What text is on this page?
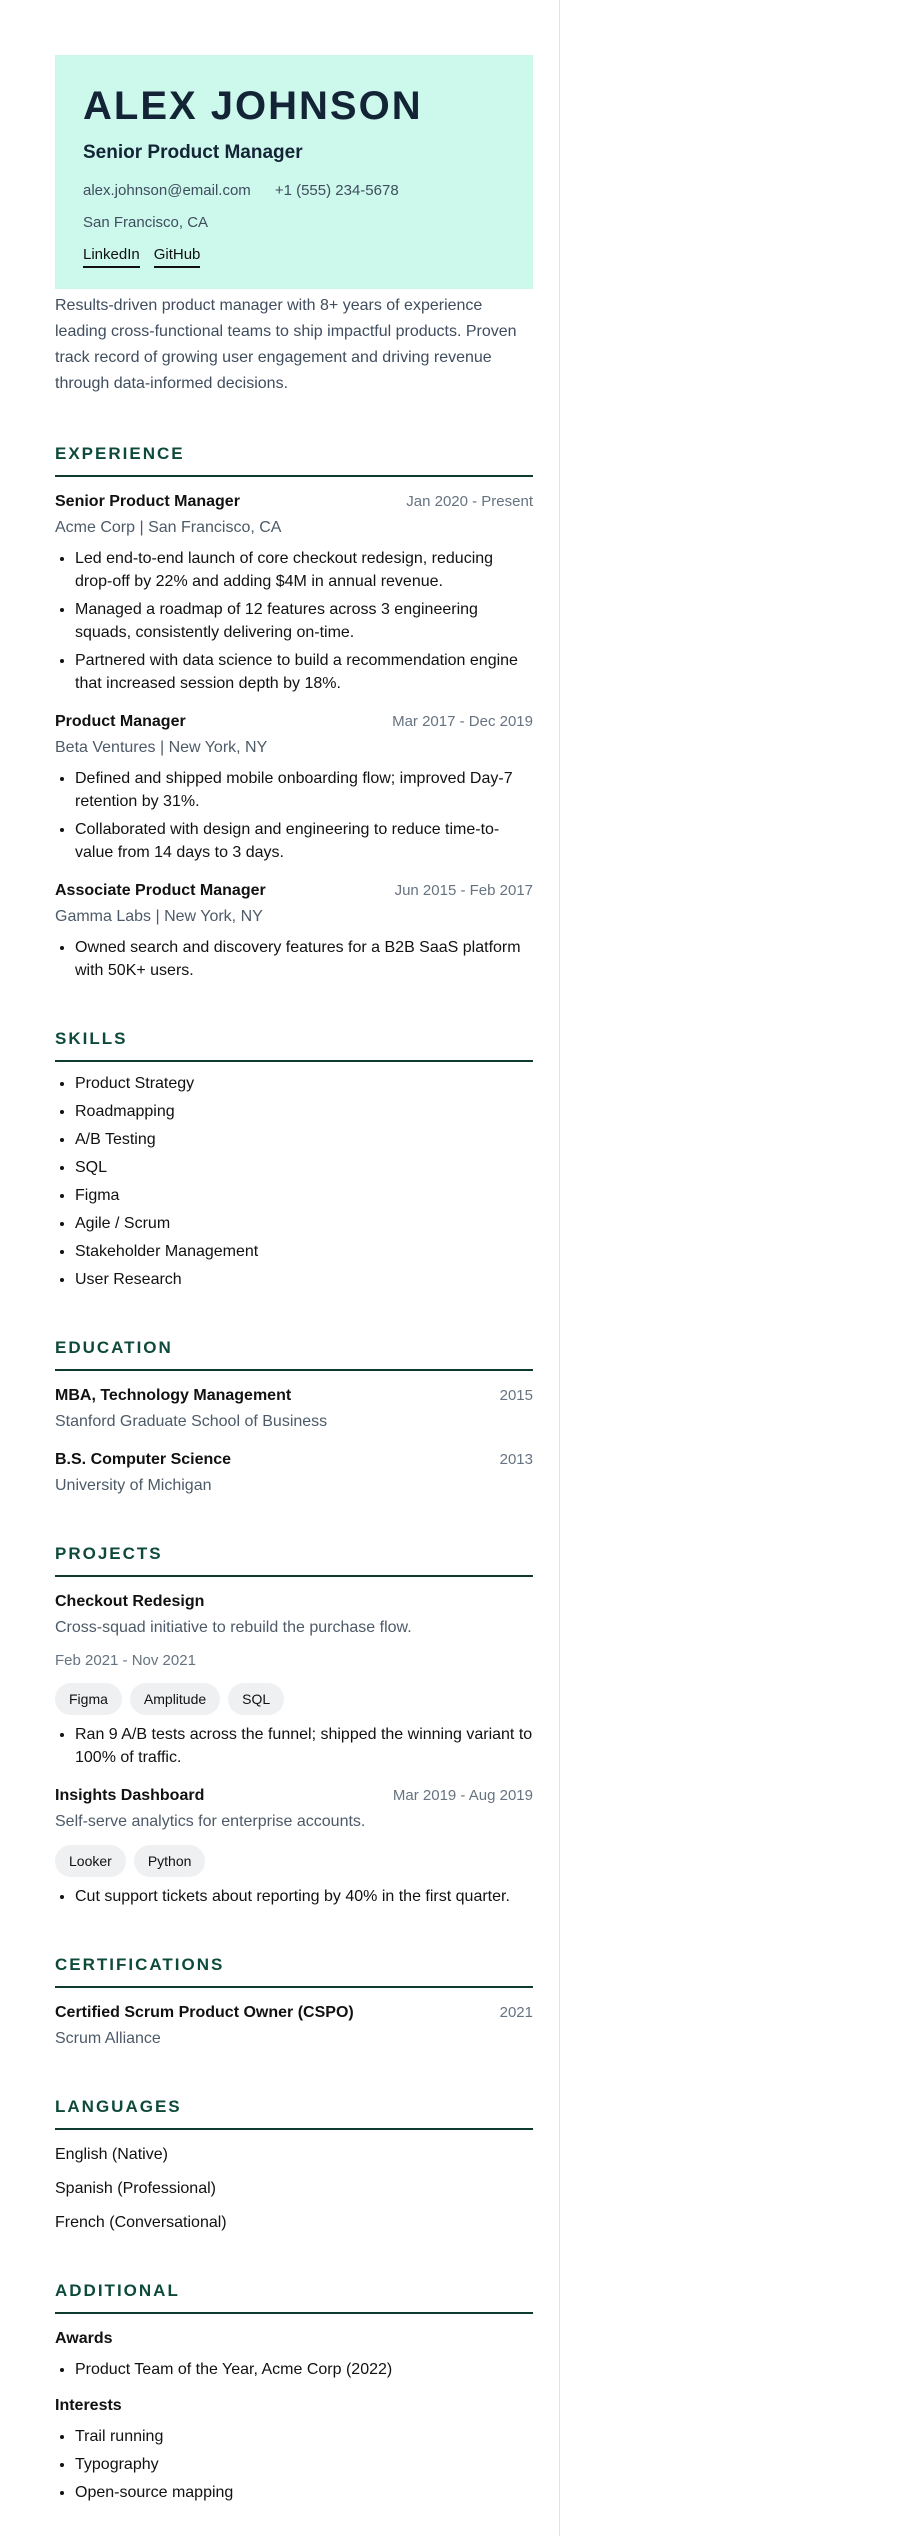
ALEX JOHNSON
Senior Product Manager
alex.johnson@email.com +1 (555) 234-5678
San Francisco, CA
LinkedIn GitHub
Results-driven product manager with 8+ years of experience leading cross-functional teams to ship impactful products. Proven track record of growing user engagement and driving revenue through data-informed decisions.
EXPERIENCE
Senior Product Manager	Jan 2020 - Present
Acme Corp | San Francisco, CA
• Led end-to-end launch of core checkout redesign, reducing drop-off by 22% and adding $4M in annual revenue.
• Managed a roadmap of 12 features across 3 engineering squads, consistently delivering on-time.
• Partnered with data science to build a recommendation engine that increased session depth by 18%.
Product Manager	Mar 2017 - Dec 2019
Beta Ventures | New York, NY
• Defined and shipped mobile onboarding flow; improved Day-7 retention by 31%.
• Collaborated with design and engineering to reduce time-to-value from 14 days to 3 days.
Associate Product Manager	Jun 2015 - Feb 2017
Gamma Labs | New York, NY
• Owned search and discovery features for a B2B SaaS platform with 50K+ users.
SKILLS
• Product Strategy
• Roadmapping
• A/B Testing
• SQL
• Figma
• Agile / Scrum
• Stakeholder Management
• User Research
EDUCATION
MBA, Technology Management	2015
Stanford Graduate School of Business
B.S. Computer Science	2013
University of Michigan
PROJECTS
Checkout Redesign
Cross-squad initiative to rebuild the purchase flow.
Feb 2021 - Nov 2021
Figma	Amplitude	SQL
• Ran 9 A/B tests across the funnel; shipped the winning variant to 100% of traffic.
Insights Dashboard	Mar 2019 - Aug 2019
Self-serve analytics for enterprise accounts.
Looker	Python
• Cut support tickets about reporting by 40% in the first quarter.
CERTIFICATIONS
Certified Scrum Product Owner (CSPO)	2021
Scrum Alliance
LANGUAGES
English (Native)
Spanish (Professional)
French (Conversational)
ADDITIONAL
Awards
• Product Team of the Year, Acme Corp (2022)
Interests
• Trail running
• Typography
• Open-source mapping
